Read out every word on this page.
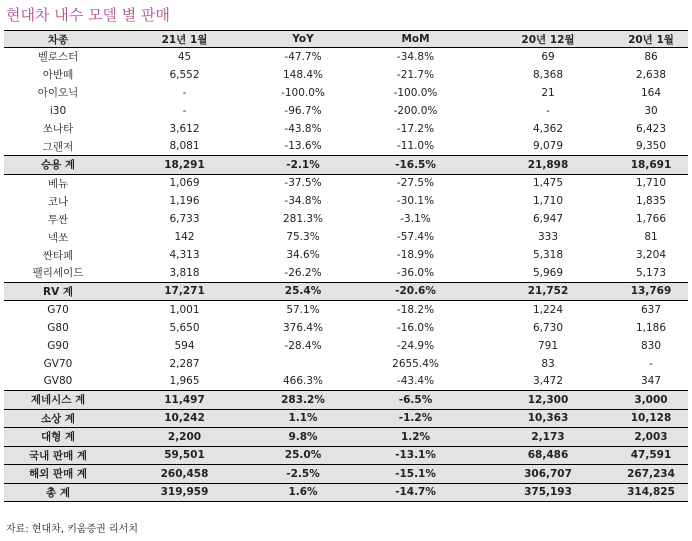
현대차 내수 모델 별 판매
차종	21년 1월	YoY	MoM	20년 12월	20년 1월
벨로스터	45	-47.7%	-34.8%	69	86
아반떼	6,552	148.4%	-21.7%	8,368	2,638
아이오닉	-	-100.0%	-100.0%	21	164
i30	-	-96.7%	-200.0%	-	30
쏘나타	3,612	-43.8%	-17.2%	4,362	6,423
그랜저	8,081	-13.6%	-11.0%	9,079	9,350
승용 계	18,291	-2.1%	-16.5%	21,898	18,691
베뉴	1,069	-37.5%	-27.5%	1,475	1,710
코나	1,196	-34.8%	-30.1%	1,710	1,835
투싼	6,733	281.3%	-3.1%	6,947	1,766
넥쏘	142	75.3%	-57.4%	333	81
싼타페	4,313	34.6%	-18.9%	5,318	3,204
팰리세이드	3,818	-26.2%	-36.0%	5,969	5,173
RV 계	17,271	25.4%	-20.6%	21,752	13,769
G70	1,001	57.1%	-18.2%	1,224	637
G80	5,650	376.4%	-16.0%	6,730	1,186
G90	594	-28.4%	-24.9%	791	830
GV70	2,287		2655.4%	83	-
GV80	1,965	466.3%	-43.4%	3,472	347
제네시스 계	11,497	283.2%	-6.5%	12,300	3,000
소상 계	10,242	1.1%	-1.2%	10,363	10,128
대형 계	2,200	9.8%	1.2%	2,173	2,003
국내 판매 계	59,501	25.0%	-13.1%	68,486	47,591
해외 판매 계	260,458	-2.5%	-15.1%	306,707	267,234
총 계	319,959	1.6%	-14.7%	375,193	314,825
자료: 현대차, 키움증권 리서치
